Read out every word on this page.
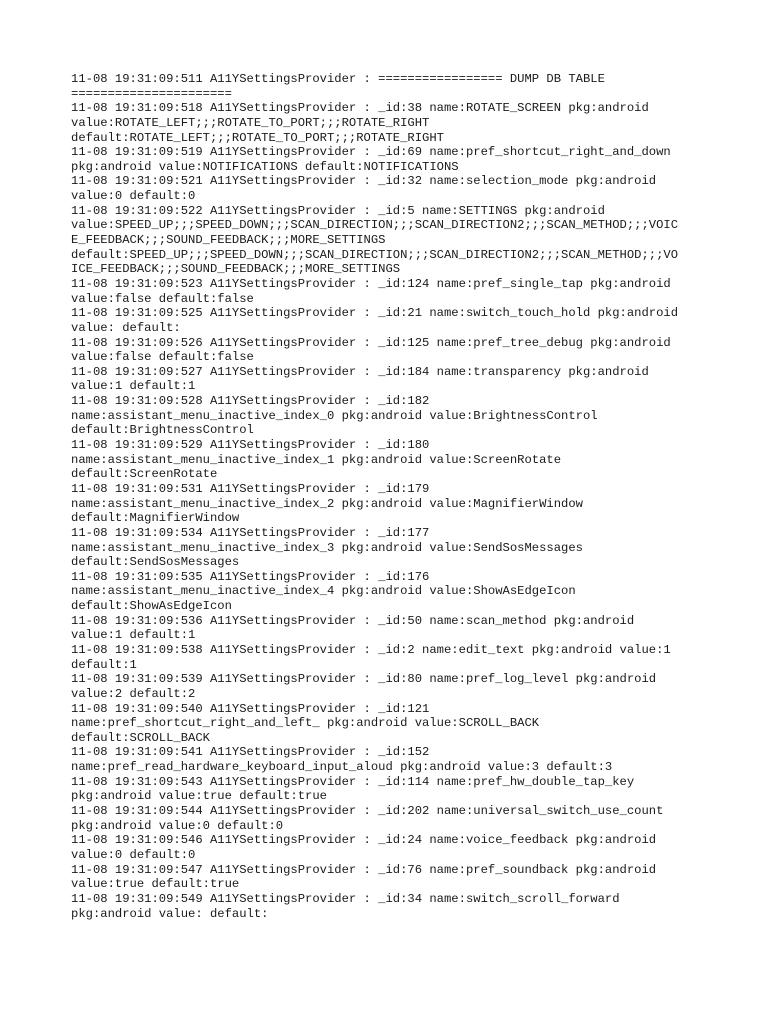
11-08 19:31:09:511 A11YSettingsProvider : ================= DUMP DB TABLE
======================
11-08 19:31:09:518 A11YSettingsProvider : _id:38 name:ROTATE_SCREEN pkg:android
value:ROTATE_LEFT;;;ROTATE_TO_PORT;;;ROTATE_RIGHT
default:ROTATE_LEFT;;;ROTATE_TO_PORT;;;ROTATE_RIGHT
11-08 19:31:09:519 A11YSettingsProvider : _id:69 name:pref_shortcut_right_and_down
pkg:android value:NOTIFICATIONS default:NOTIFICATIONS
11-08 19:31:09:521 A11YSettingsProvider : _id:32 name:selection_mode pkg:android
value:0 default:0
11-08 19:31:09:522 A11YSettingsProvider : _id:5 name:SETTINGS pkg:android
value:SPEED_UP;;;SPEED_DOWN;;;SCAN_DIRECTION;;;SCAN_DIRECTION2;;;SCAN_METHOD;;;VOIC
E_FEEDBACK;;;SOUND_FEEDBACK;;;MORE_SETTINGS
default:SPEED_UP;;;SPEED_DOWN;;;SCAN_DIRECTION;;;SCAN_DIRECTION2;;;SCAN_METHOD;;;VO
ICE_FEEDBACK;;;SOUND_FEEDBACK;;;MORE_SETTINGS
11-08 19:31:09:523 A11YSettingsProvider : _id:124 name:pref_single_tap pkg:android
value:false default:false
11-08 19:31:09:525 A11YSettingsProvider : _id:21 name:switch_touch_hold pkg:android
value: default:
11-08 19:31:09:526 A11YSettingsProvider : _id:125 name:pref_tree_debug pkg:android
value:false default:false
11-08 19:31:09:527 A11YSettingsProvider : _id:184 name:transparency pkg:android
value:1 default:1
11-08 19:31:09:528 A11YSettingsProvider : _id:182
name:assistant_menu_inactive_index_0 pkg:android value:BrightnessControl
default:BrightnessControl
11-08 19:31:09:529 A11YSettingsProvider : _id:180
name:assistant_menu_inactive_index_1 pkg:android value:ScreenRotate
default:ScreenRotate
11-08 19:31:09:531 A11YSettingsProvider : _id:179
name:assistant_menu_inactive_index_2 pkg:android value:MagnifierWindow
default:MagnifierWindow
11-08 19:31:09:534 A11YSettingsProvider : _id:177
name:assistant_menu_inactive_index_3 pkg:android value:SendSosMessages
default:SendSosMessages
11-08 19:31:09:535 A11YSettingsProvider : _id:176
name:assistant_menu_inactive_index_4 pkg:android value:ShowAsEdgeIcon
default:ShowAsEdgeIcon
11-08 19:31:09:536 A11YSettingsProvider : _id:50 name:scan_method pkg:android
value:1 default:1
11-08 19:31:09:538 A11YSettingsProvider : _id:2 name:edit_text pkg:android value:1
default:1
11-08 19:31:09:539 A11YSettingsProvider : _id:80 name:pref_log_level pkg:android
value:2 default:2
11-08 19:31:09:540 A11YSettingsProvider : _id:121
name:pref_shortcut_right_and_left_ pkg:android value:SCROLL_BACK
default:SCROLL_BACK
11-08 19:31:09:541 A11YSettingsProvider : _id:152
name:pref_read_hardware_keyboard_input_aloud pkg:android value:3 default:3
11-08 19:31:09:543 A11YSettingsProvider : _id:114 name:pref_hw_double_tap_key
pkg:android value:true default:true
11-08 19:31:09:544 A11YSettingsProvider : _id:202 name:universal_switch_use_count
pkg:android value:0 default:0
11-08 19:31:09:546 A11YSettingsProvider : _id:24 name:voice_feedback pkg:android
value:0 default:0
11-08 19:31:09:547 A11YSettingsProvider : _id:76 name:pref_soundback pkg:android
value:true default:true
11-08 19:31:09:549 A11YSettingsProvider : _id:34 name:switch_scroll_forward
pkg:android value: default:
